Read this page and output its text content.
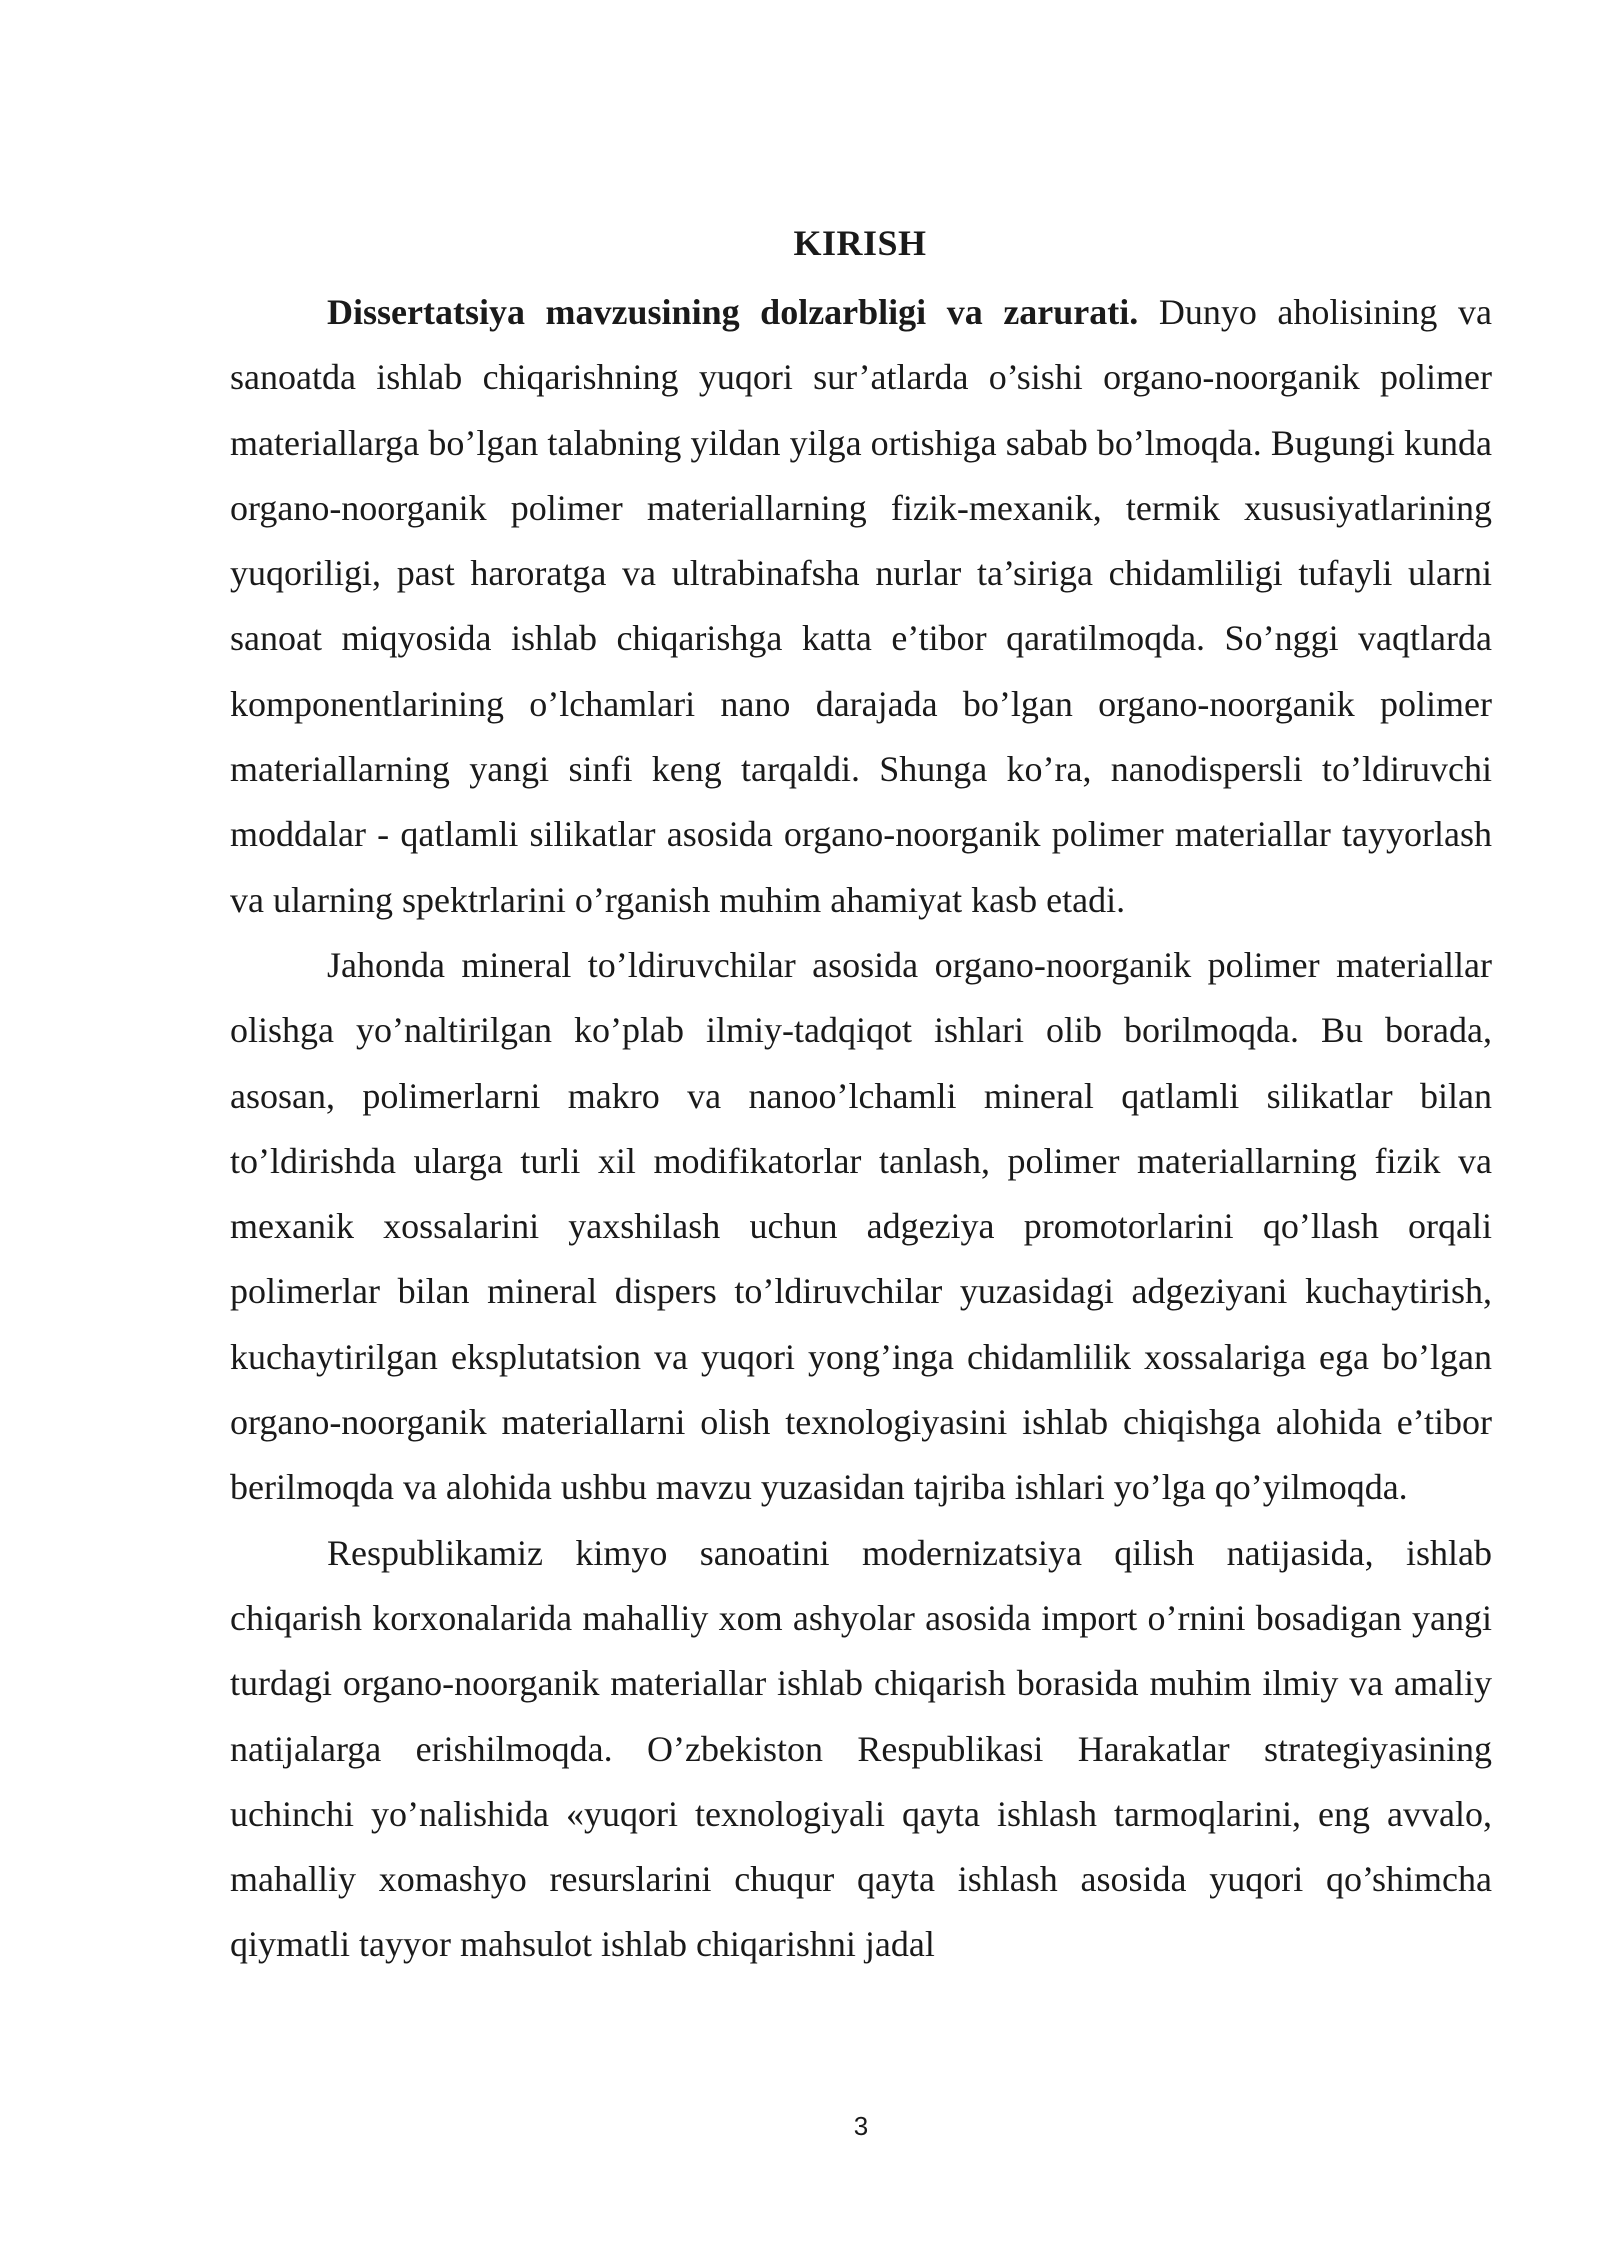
KIRISH

Dissertatsiya mavzusining dolzarbligi va zarurati. Dunyo aholisining va sanoatda ishlab chiqarishning yuqori sur’atlarda o’sishi organo-noorganik polimer materiallarga bo’lgan talabning yildan yilga ortishiga sabab bo’lmoqda. Bugungi kunda organo-noorganik polimer materiallarning fizik-mexanik, termik xususiyatlarining yuqoriligi, past haroratga va ultrabinafsha nurlar ta’siriga chidamliligi tufayli ularni sanoat miqyosida ishlab chiqarishga katta e’tibor qaratilmoqda. So’nggi vaqtlarda komponentlarining o’lchamlari nano darajada bo’lgan organo-noorganik polimer materiallarning yangi sinfi keng tarqaldi. Shunga ko’ra, nanodispersli to’ldiruvchi moddalar - qatlamli silikatlar asosida organo-noorganik polimer materiallar tayyorlash va ularning spektrlarini o’rganish muhim ahamiyat kasb etadi.

Jahonda mineral to’ldiruvchilar asosida organo-noorganik polimer materiallar olishga yo’naltirilgan ko’plab ilmiy-tadqiqot ishlari olib borilmoqda. Bu borada, asosan, polimerlarni makro va nanoo’lchamli mineral qatlamli silikatlar bilan to’ldirishda ularga turli xil modifikatorlar tanlash, polimer materiallarning fizik va mexanik xossalarini yaxshilash uchun adgeziya promotorlarini qo’llash orqali polimerlar bilan mineral dispers to’ldiruvchilar yuzasidagi adgeziyani kuchaytirish, kuchaytirilgan eksplutatsion va yuqori yong’inga chidamlilik xossalariga ega bo’lgan organo-noorganik materiallarni olish texnologiyasini ishlab chiqishga alohida e’tibor berilmoqda va alohida ushbu mavzu yuzasidan tajriba ishlari yo’lga qo’yilmoqda.

Respublikamiz kimyo sanoatini modernizatsiya qilish natijasida, ishlab chiqarish korxonalarida mahalliy xom ashyolar asosida import o’rnini bosadigan yangi turdagi organo-noorganik materiallar ishlab chiqarish borasida muhim ilmiy va amaliy natijalarga erishilmoqda. O’zbekiston Respublikasi Harakatlar strategiyasining uchinchi yo’nalishida «yuqori texnologiyali qayta ishlash tarmoqlarini, eng avvalo, mahalliy xomashyo resurslarini chuqur qayta ishlash asosida yuqori qo’shimcha qiymatli tayyor mahsulot ishlab chiqarishni jadal

3
